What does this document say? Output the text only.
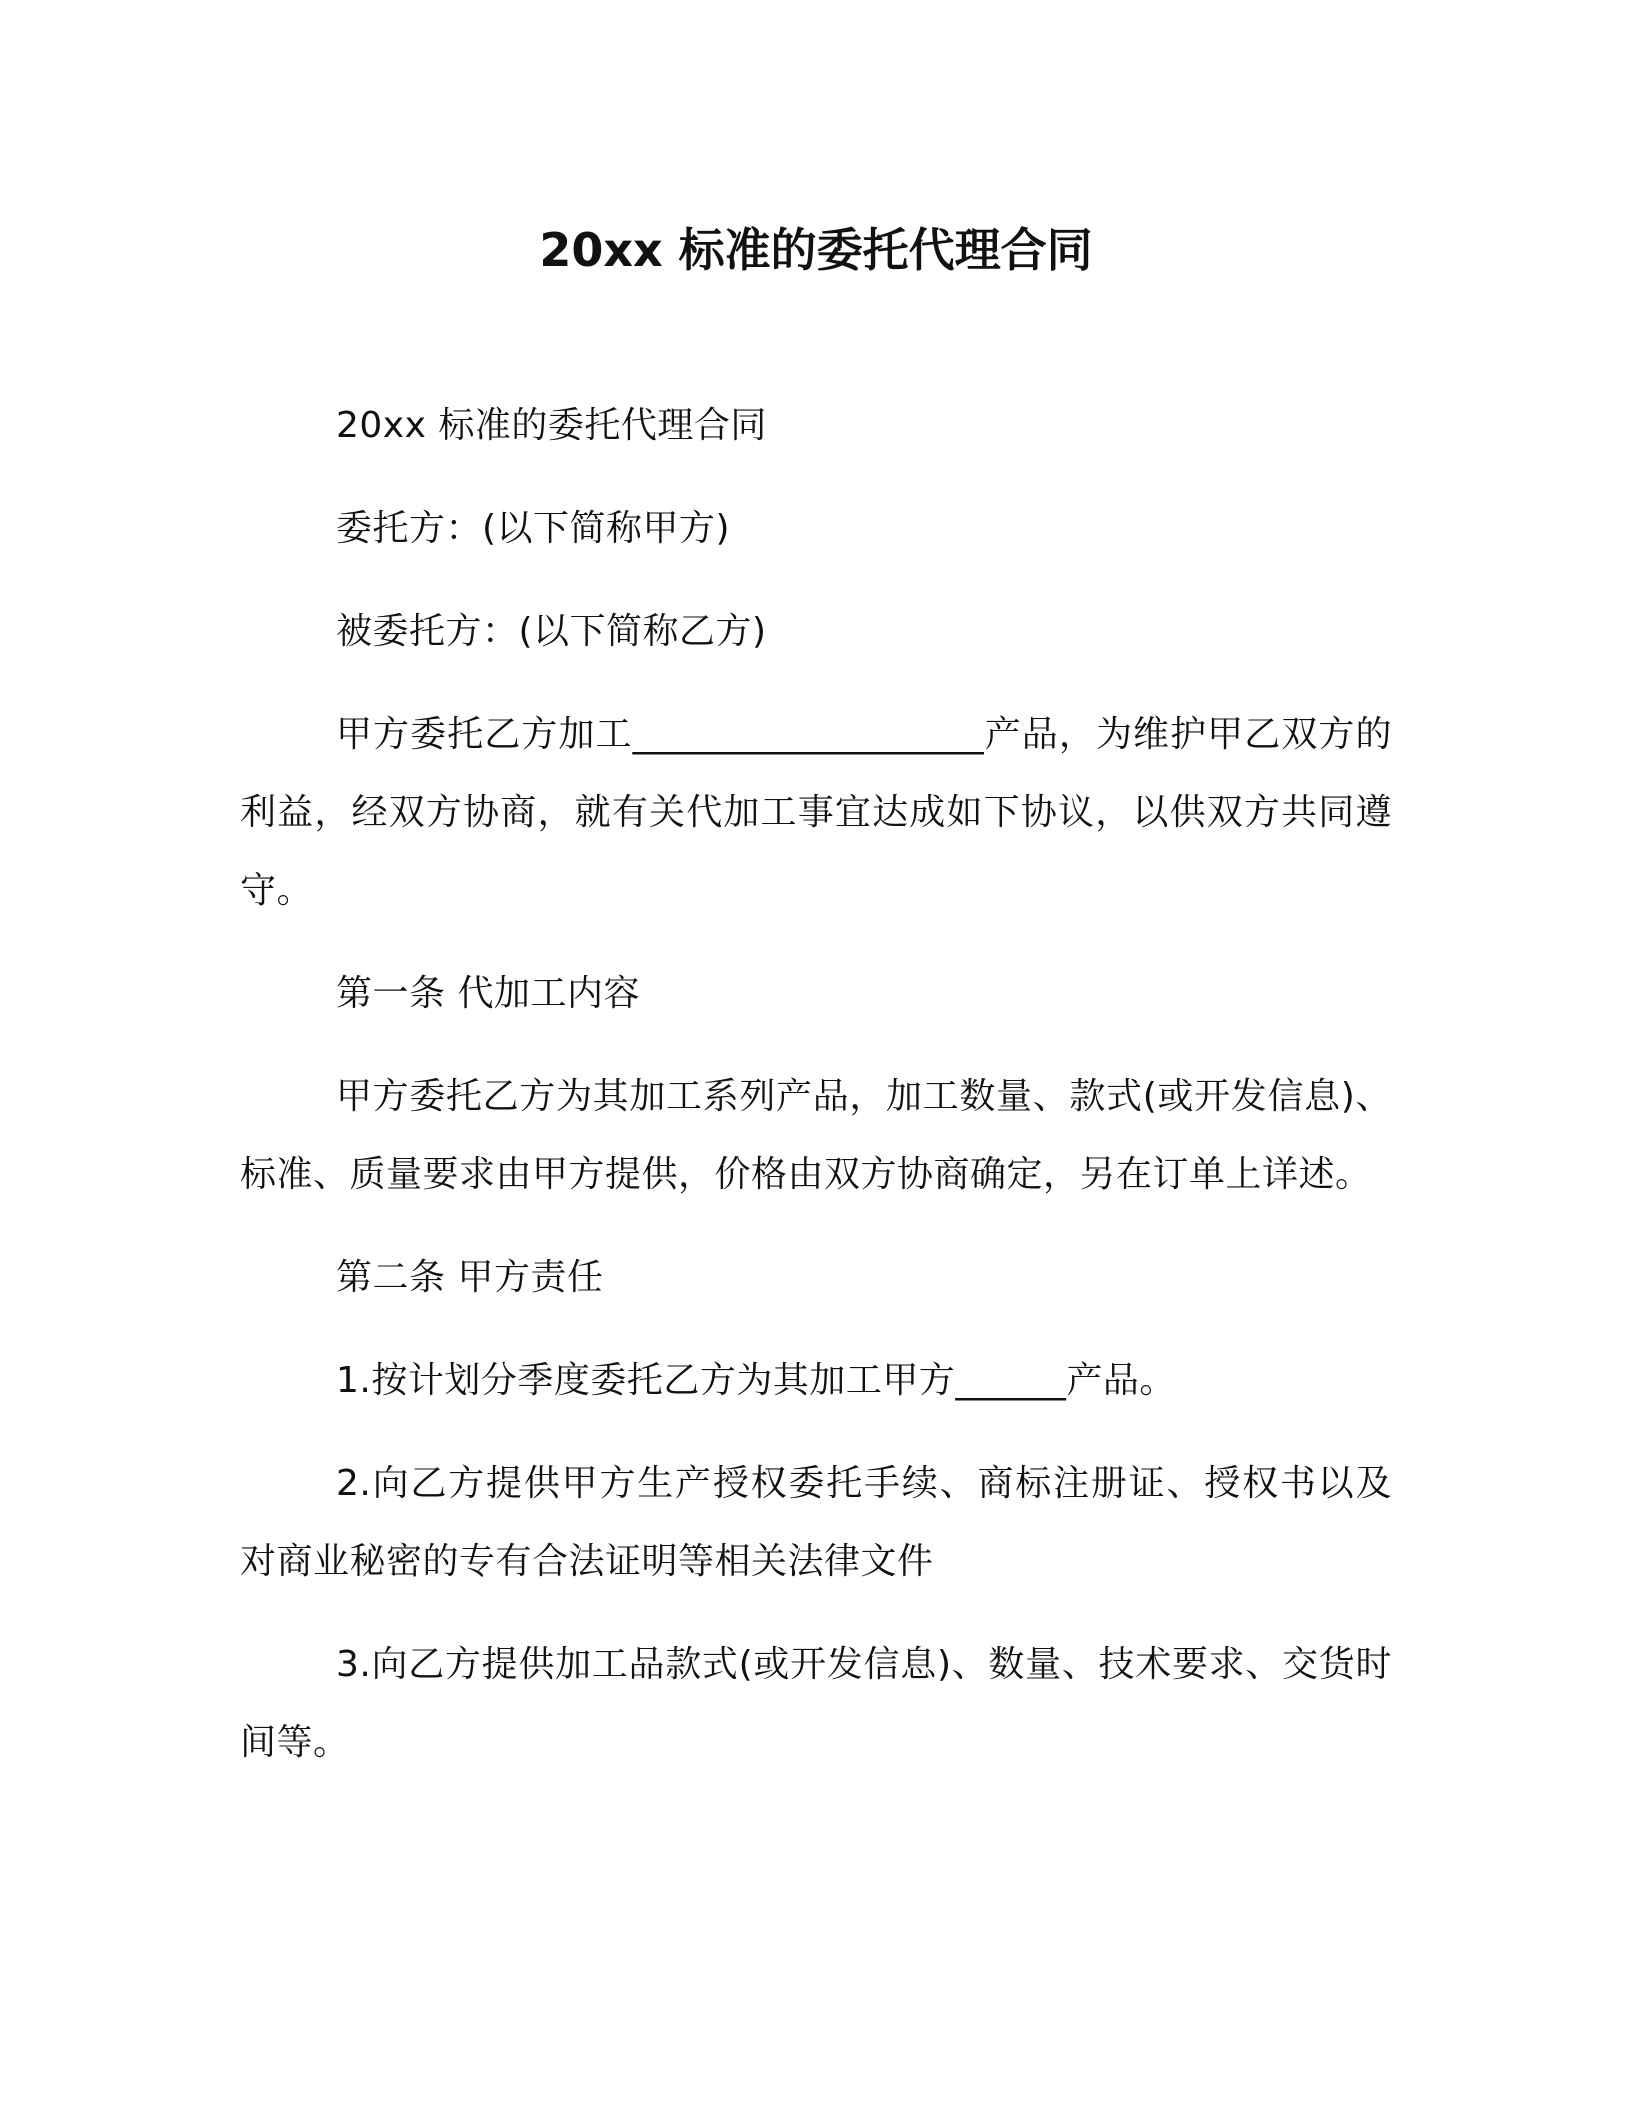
20xx 标准的委托代理合同

20xx 标准的委托代理合同

委托方：(以下简称甲方)

被委托方：(以下简称乙方)

甲方委托乙方加工___________________产品，为维护甲乙双方的利益，经双方协商，就有关代加工事宜达成如下协议，以供双方共同遵守。

第一条 代加工内容

甲方委托乙方为其加工系列产品，加工数量、款式(或开发信息)、标准、质量要求由甲方提供，价格由双方协商确定，另在订单上详述。

第二条 甲方责任

1.按计划分季度委托乙方为其加工甲方______产品。

2.向乙方提供甲方生产授权委托手续、商标注册证、授权书以及对商业秘密的专有合法证明等相关法律文件

3.向乙方提供加工品款式(或开发信息)、数量、技术要求、交货时间等。
